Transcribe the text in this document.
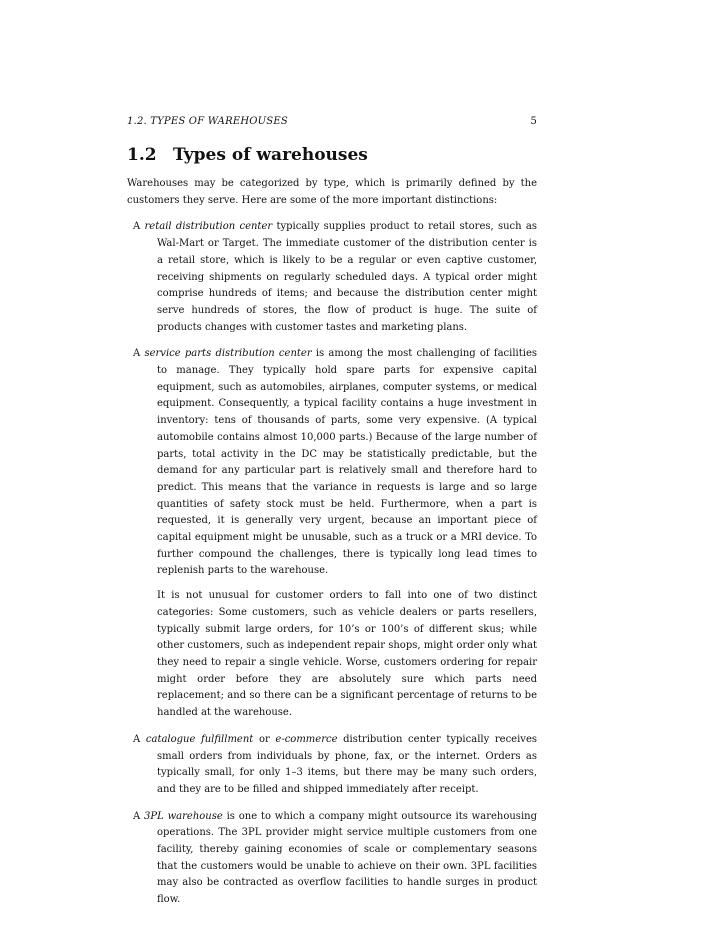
1.2. TYPES OF WAREHOUSES	5
1.2 Types of warehouses

Warehouses may be categorized by type, which is primarily defined by the customers they serve. Here are some of the more important distinctions:

A retail distribution center typically supplies product to retail stores, such as Wal-Mart or Target. The immediate customer of the distribution center is a retail store, which is likely to be a regular or even captive customer, receiving shipments on regularly scheduled days. A typical order might comprise hundreds of items; and because the distribution center might serve hundreds of stores, the flow of product is huge. The suite of products changes with customer tastes and marketing plans.

A service parts distribution center is among the most challenging of facilities to manage. They typically hold spare parts for expensive capital equipment, such as automobiles, airplanes, computer systems, or medical equipment. Consequently, a typical facility contains a huge investment in inventory: tens of thousands of parts, some very expensive. (A typical automobile contains almost 10,000 parts.) Because of the large number of parts, total activity in the DC may be statistically predictable, but the demand for any particular part is relatively small and therefore hard to predict. This means that the variance in requests is large and so large quantities of safety stock must be held. Furthermore, when a part is requested, it is generally very urgent, because an important piece of capital equipment might be unusable, such as a truck or a MRI device. To further compound the challenges, there is typically long lead times to replenish parts to the warehouse.

It is not unusual for customer orders to fall into one of two distinct categories: Some customers, such as vehicle dealers or parts resellers, typically submit large orders, for 10’s or 100’s of different skus; while other customers, such as independent repair shops, might order only what they need to repair a single vehicle. Worse, customers ordering for repair might order before they are absolutely sure which parts need replacement; and so there can be a significant percentage of returns to be handled at the warehouse.

A catalogue fulfillment or e-commerce distribution center typically receives small orders from individuals by phone, fax, or the internet. Orders as typically small, for only 1–3 items, but there may be many such orders, and they are to be filled and shipped immediately after receipt.

A 3PL warehouse is one to which a company might outsource its warehousing operations. The 3PL provider might service multiple customers from one facility, thereby gaining economies of scale or complementary seasons that the customers would be unable to achieve on their own. 3PL facilities may also be contracted as overflow facilities to handle surges in product flow.
